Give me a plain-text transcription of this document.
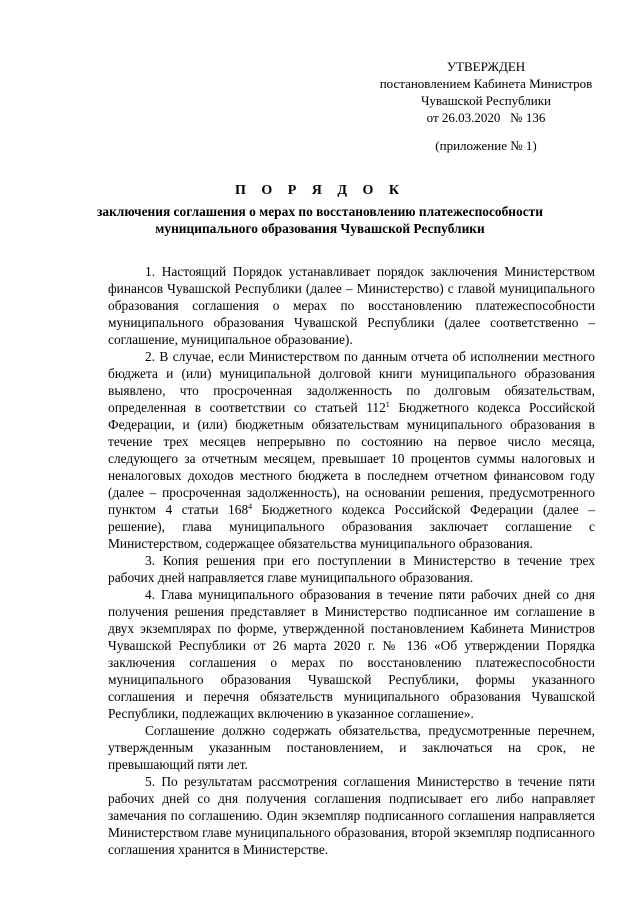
УТВЕРЖДЕН
постановлением Кабинета Министров
Чувашской Республики
от 26.03.2020   № 136
(приложение № 1)
П О Р Я Д О К
заключения соглашения о мерах по восстановлению платежеспособности
муниципального образования Чувашской Республики

1. Настоящий Порядок устанавливает порядок заключения Министерством финансов Чувашской Республики (далее – Министерство) с главой муниципального образования соглашения о мерах по восстановлению платежеспособности муниципального образования Чувашской Республики (далее соответственно – соглашение, муниципальное образование).

2. В случае, если Министерством по данным отчета об исполнении местного бюджета и (или) муниципальной долговой книги муниципального образования выявлено, что просроченная задолженность по долговым обязательствам, определенная в соответствии со статьей $112^1$ Бюджетного кодекса Российской Федерации, и (или) бюджетным обязательствам муниципального образования в течение трех месяцев непрерывно по состоянию на первое число месяца, следующего за отчетным месяцем, превышает 10 процентов суммы налоговых и неналоговых доходов местного бюджета в последнем отчетном финансовом году (далее – просроченная задолженность), на основании решения, предусмотренного пунктом 4 статьи $168^4$ Бюджетного кодекса Российской Федерации (далее – решение), глава муниципального образования заключает соглашение с Министерством, содержащее обязательства муниципального образования.

3. Копия решения при его поступлении в Министерство в течение трех рабочих дней направляется главе муниципального образования.

4. Глава муниципального образования в течение пяти рабочих дней со дня получения решения представляет в Министерство подписанное им соглашение в двух экземплярах по форме, утвержденной постановлением Кабинета Министров Чувашской Республики от 26 марта 2020 г. № 136 «Об утверждении Порядка заключения соглашения о мерах по восстановлению платежеспособности муниципального образования Чувашской Республики, формы указанного соглашения и перечня обязательств муниципального образования Чувашской Республики, подлежащих включению в указанное соглашение».

Соглашение должно содержать обязательства, предусмотренные перечнем, утвержденным указанным постановлением, и заключаться на срок, не превышающий пяти лет.

5. По результатам рассмотрения соглашения Министерство в течение пяти рабочих дней со дня получения соглашения подписывает его либо направляет замечания по соглашению. Один экземпляр подписанного соглашения направляется Министерством главе муниципального образования, второй экземпляр подписанного соглашения хранится в Министерстве.
